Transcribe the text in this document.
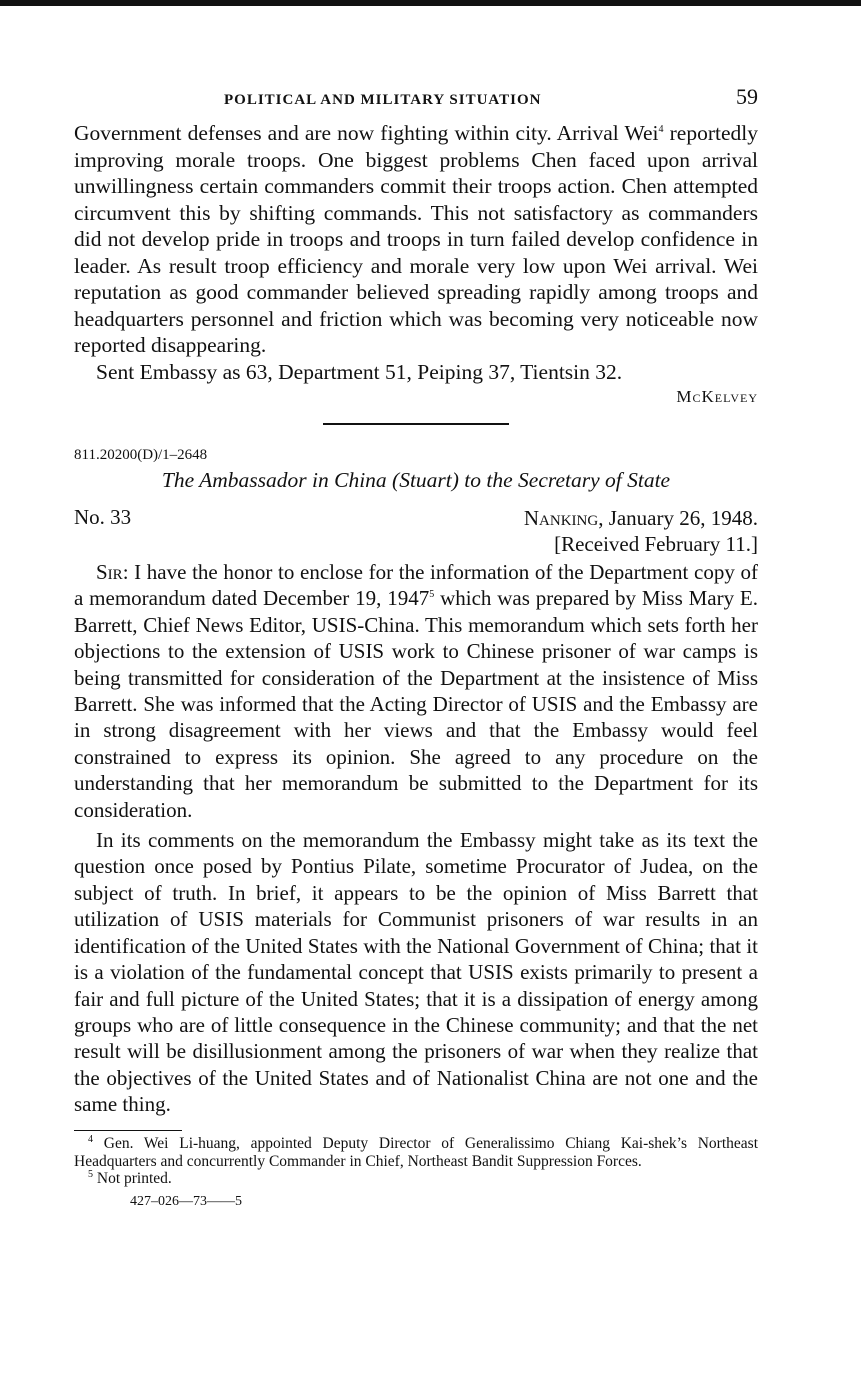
POLITICAL AND MILITARY SITUATION	59

Government defenses and are now fighting within city. Arrival Wei$^4$ reportedly improving morale troops. One biggest problems Chen faced upon arrival unwillingness certain commanders commit their troops action. Chen attempted circumvent this by shifting commands. This not satisfactory as commanders did not develop pride in troops and troops in turn failed develop confidence in leader. As result troop efficiency and morale very low upon Wei arrival. Wei reputation as good commander believed spreading rapidly among troops and headquarters personnel and friction which was becoming very noticeable now reported disappearing.

Sent Embassy as 63, Department 51, Peiping 37, Tientsin 32.

McKelvey
811.20200(D)/1–2648
The Ambassador in China (Stuart) to the Secretary of State
No. 33	Nanking, January 26, 1948.
[Received February 11.]

Sir: I have the honor to enclose for the information of the Department copy of a memorandum dated December 19, 1947$^5$ which was prepared by Miss Mary E. Barrett, Chief News Editor, USIS-China. This memorandum which sets forth her objections to the extension of USIS work to Chinese prisoner of war camps is being transmitted for consideration of the Department at the insistence of Miss Barrett. She was informed that the Acting Director of USIS and the Embassy are in strong disagreement with her views and that the Embassy would feel constrained to express its opinion. She agreed to any procedure on the understanding that her memorandum be submitted to the Department for its consideration.

In its comments on the memorandum the Embassy might take as its text the question once posed by Pontius Pilate, sometime Procurator of Judea, on the subject of truth. In brief, it appears to be the opinion of Miss Barrett that utilization of USIS materials for Communist prisoners of war results in an identification of the United States with the National Government of China; that it is a violation of the fundamental concept that USIS exists primarily to present a fair and full picture of the United States; that it is a dissipation of energy among groups who are of little consequence in the Chinese community; and that the net result will be disillusionment among the prisoners of war when they realize that the objectives of the United States and of Nationalist China are not one and the same thing.

$^4$ Gen. Wei Li-huang, appointed Deputy Director of Generalissimo Chiang Kai-shek’s Northeast Headquarters and concurrently Commander in Chief, Northeast Bandit Suppression Forces.

$^5$ Not printed.

427–026—73——5
